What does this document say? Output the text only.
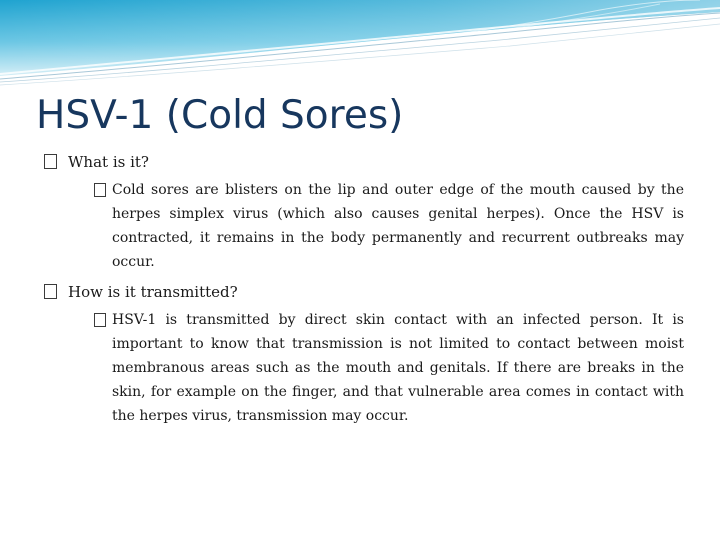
HSV-1 (Cold Sores)
What is it?
Cold sores are blisters on the lip and outer edge of the mouth caused by the herpes simplex virus (which also causes genital herpes). Once the HSV is contracted, it remains in the body permanently and recurrent outbreaks may occur.
How is it transmitted?
HSV-1 is transmitted by direct skin contact with an infected person. It is important to know that transmission is not limited to contact between moist membranous areas such as the mouth and genitals. If there are breaks in the skin, for example on the finger, and that vulnerable area comes in contact with the herpes virus, transmission may occur.
